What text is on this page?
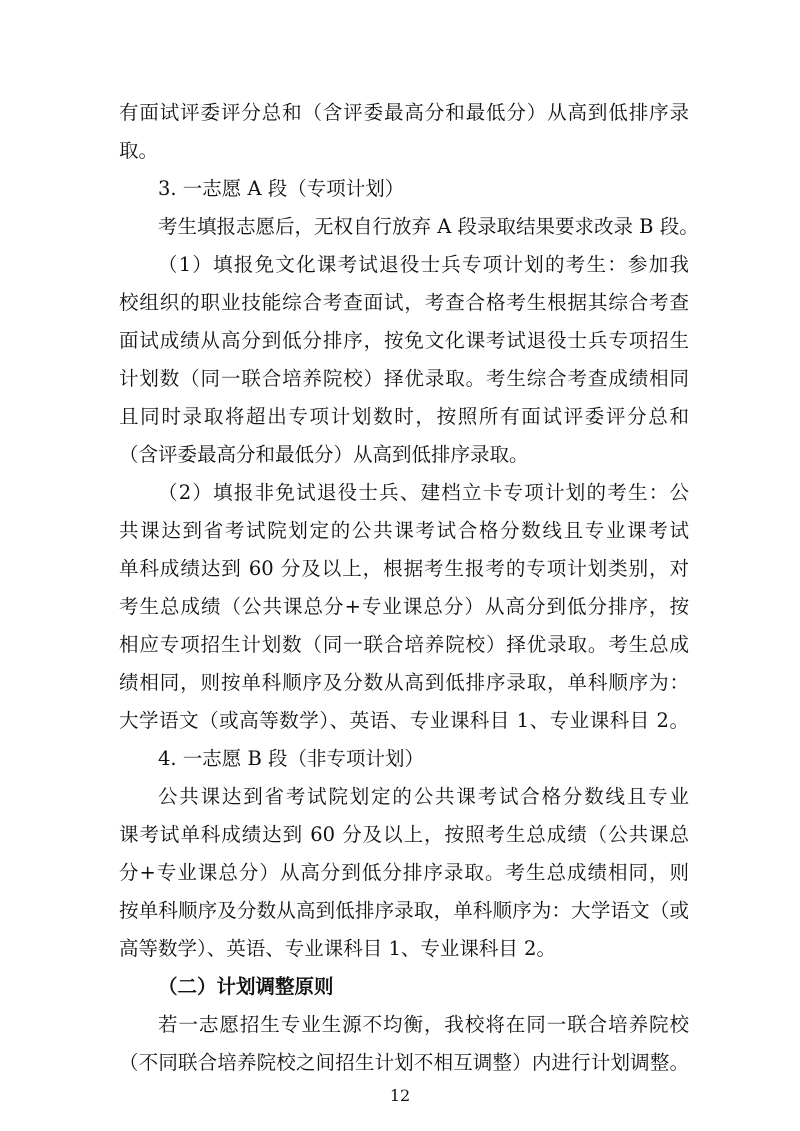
有面试评委评分总和（含评委最高分和最低分）从高到低排序录
取。
3. 一志愿 A 段（专项计划）
考生填报志愿后，无权自行放弃 A 段录取结果要求改录 B 段。
（1）填报免文化课考试退役士兵专项计划的考生：参加我
校组织的职业技能综合考查面试，考查合格考生根据其综合考查
面试成绩从高分到低分排序，按免文化课考试退役士兵专项招生
计划数（同一联合培养院校）择优录取。考生综合考查成绩相同
且同时录取将超出专项计划数时，按照所有面试评委评分总和
（含评委最高分和最低分）从高到低排序录取。
（2）填报非免试退役士兵、建档立卡专项计划的考生：公
共课达到省考试院划定的公共课考试合格分数线且专业课考试
单科成绩达到 60 分及以上，根据考生报考的专项计划类别，对
考生总成绩（公共课总分+专业课总分）从高分到低分排序，按
相应专项招生计划数（同一联合培养院校）择优录取。考生总成
绩相同，则按单科顺序及分数从高到低排序录取，单科顺序为：
大学语文（或高等数学）、英语、专业课科目 1、专业课科目 2。
4. 一志愿 B 段（非专项计划）
公共课达到省考试院划定的公共课考试合格分数线且专业
课考试单科成绩达到 60 分及以上，按照考生总成绩（公共课总
分+专业课总分）从高分到低分排序录取。考生总成绩相同，则
按单科顺序及分数从高到低排序录取，单科顺序为：大学语文（或
高等数学）、英语、专业课科目 1、专业课科目 2。
（二）计划调整原则
若一志愿招生专业生源不均衡，我校将在同一联合培养院校
（不同联合培养院校之间招生计划不相互调整）内进行计划调整。
12
